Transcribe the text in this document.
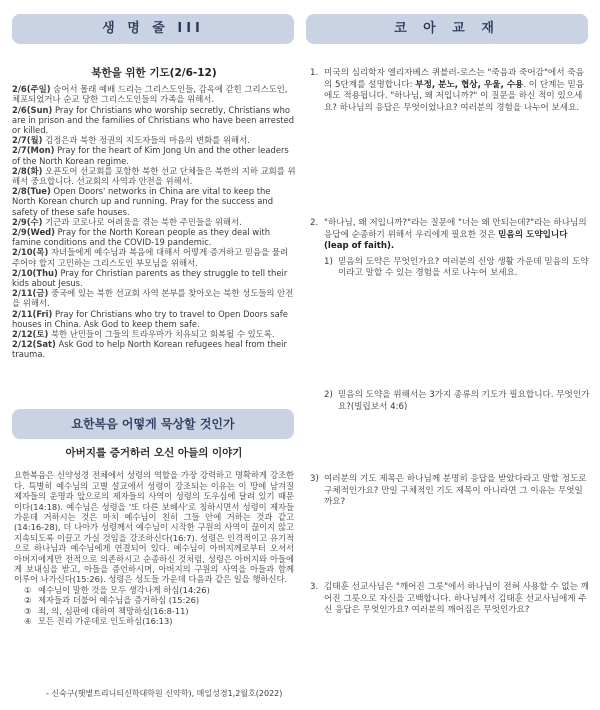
생 명 줄 III	코 아 교 재
북한을 위한 기도(2/6-12)

2/6(주일) 숨어서 몰래 예배 드리는 그리스도인들, 감옥에 갇힌 그리스도인, 체포되었거나 순교 당한 그리스도인들의 가족을 위해서.

2/6(Sun) Pray for Christians who worship secretly, Christians who are in prison and the families of Christians who have been arrested or killed.

2/7(월) 김정은과 북한 정권의 지도자들의 마음의 변화를 위해서.

2/7(Mon) Pray for the heart of Kim Jong Un and the other leaders of the North Korean regime.

2/8(화) 오픈도어 선교회를 포함한 북한 선교 단체들은 북한의 지하 교회를 위해서 중요합니다. 선교회의 사역과 안전을 위해서.

2/8(Tue) Open Doors' networks in China are vital to keep the North Korean church up and running. Pray for the success and safety of these safe houses.

2/9(수) 기근과 코로나로 어려움을 겪는 북한 주민들을 위해서.

2/9(Wed) Pray for the North Korean people as they deal with famine conditions and the COVID-19 pandemic.

2/10(목) 자녀들에게 예수님과 복음에 대해서 어떻게 증거하고 믿음을 물려주어야 할지 고민하는 그리스도인 부모님을 위해서.

2/10(Thu) Pray for Christian parents as they struggle to tell their kids about Jesus.

2/11(금) 중국에 있는 북한 선교회 사역 본부를 찾아오는 북한 성도들의 안전을 위해서.

2/11(Fri) Pray for Christians who try to travel to Open Doors safe houses in China. Ask God to keep them safe.

2/12(토) 북한 난민들이 그들의 트라우마가 치유되고 회복될 수 있도록.

2/12(Sat) Ask God to help North Korean refugees heal from their trauma.

요한복음 어떻게 묵상할 것인가
아버지를 증거하러 오신 아들의 이야기

요한복음은 신약성경 전체에서 성령의 역할을 가장 강력하고 명확하게 강조한다. 특별히 예수님의 고별 설교에서 성령이 강조되는 이유는 이 땅에 남겨질 제자들의 운명과 앞으로의 제자들의 사역이 성령의 도우심에 달려 있기 때문이다(14:18). 예수님은 성령을 '또 다른 보혜사'로 칭하시면서 성령이 제자들 가운데 거하시는 것은 마치 예수님이 친히 그들 안에 거하는 것과 같고(14:16-28), 더 나아가 성령께서 예수님이 시작한 구원의 사역이 끊이지 않고 지속되도록 이끌고 가실 것임을 강조하신다(16:7). 성령은 인격적이고 유기적으로 하나님과 예수님에게 연결되어 있다. 예수님이 아버지께로부터 오셔서 아버지에게만 전적으로 의존하시고 순종하신 것처럼, 성령은 아버지와 아들에게 보내심을 받고, 아들을 증언하시며, 아버지의 구원의 사역을 아들과 함께 이루어 나가신다(15:26). 성령은 성도들 가운데 다음과 같은 일을 행하신다.

① 예수님이 말한 것을 모두 생각나게 하심(14:26)
② 제자들과 더불어 예수님을 증거하심 (15:26)
③ 죄, 의, 심판에 대하여 책망하심(16:8-11)
④ 모든 진리 가운데로 인도하심(16:13)
- 신숙구(햇볕트리니티신학대학원 신약학), 매일성경1,2월호(2022)
1. 미국의 심리학자 엘리자베스 퀴블러-로스는 "죽음과 죽어감"에서 죽음의 5단계를 설명합니다: 부정, 분노, 협상, 우울, 수용. 이 단계는 믿음에도 적용됩니다. "하나님, 왜 저입니까?" 이 질문을 하신 적이 있으세요? 하나님의 응답은 무엇이었나요? 여러분의 경험을 나누어 보세요.
2. "하나님, 왜 저입니까?"라는 질문에 "너는 왜 안되는데?"라는 하나님의 응답에 순종하기 위해서 우리에게 필요한 것은 믿음의 도약입니다(leap of faith).
1) 믿음의 도약은 무엇인가요? 여러분의 신앙 생활 가운데 믿음의 도약이라고 말할 수 있는 경험을 서로 나누어 보세요.
2) 믿음의 도약을 위해서는 3가지 종류의 기도가 필요합니다. 무엇인가요?(빌립보서 4:6)
3) 여러분의 기도 제목은 하나님께 분명히 응답을 받았다라고 말할 정도로 구체적인가요? 만일 구체적인 기도 제목이 아니라면 그 이유는 무엇일까요?
3. 김태훈 선교사님은 "깨어진 그릇"에서 하나님이 전혀 사용할 수 없는 깨어진 그릇으로 자신을 고백합니다. 하나님께서 김태훈 선교사님에게 주신 응답은 무엇인가요? 여러분의 깨어짐은 무엇인가요?
